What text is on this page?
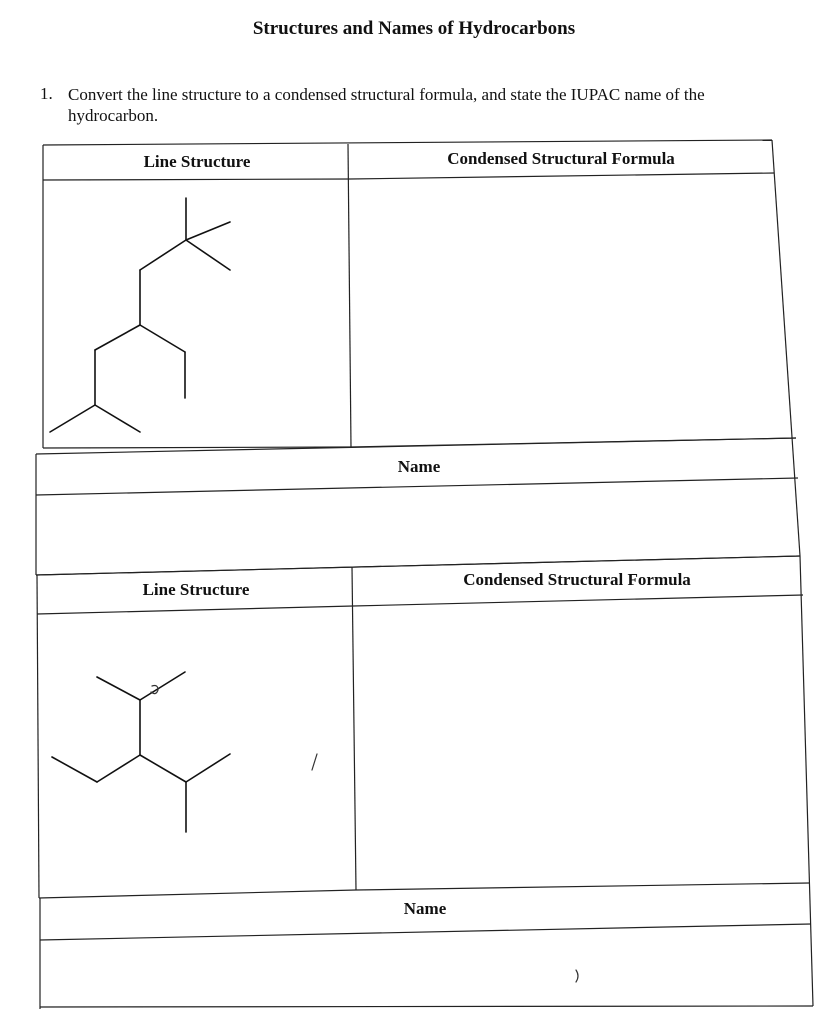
Structures and Names of Hydrocarbons
1. Convert the line structure to a condensed structural formula, and state the IUPAC name of the hydrocarbon.
Line Structure	Condensed Structural Formula
Name
Line Structure
Condensed Structural Formula
Name
